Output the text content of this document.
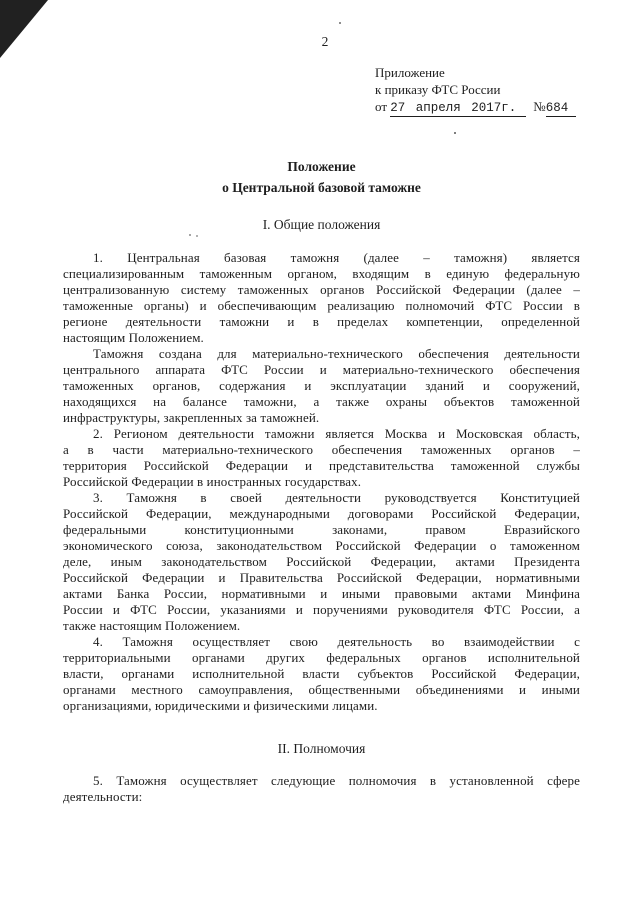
2
Приложение
к приказу ФТС России
от 27 апреля 2017г. №684
Положение
о Центральной базовой таможне
I. Общие положения
1. Центральная базовая таможня (далее – таможня) является
специализированным таможенным органом, входящим в единую федеральную
централизованную систему таможенных органов Российской Федерации (далее –
таможенные органы) и обеспечивающим реализацию полномочий ФТС России в
регионе деятельности таможни и в пределах компетенции, определенной
настоящим Положением.
Таможня создана для материально-технического обеспечения деятельности
центрального аппарата ФТС России и материально-технического обеспечения
таможенных органов, содержания и эксплуатации зданий и сооружений,
находящихся на балансе таможни, а также охраны объектов таможенной
инфраструктуры, закрепленных за таможней.
2. Регионом деятельности таможни является Москва и Московская область,
а в части материально-технического обеспечения таможенных органов –
территория Российской Федерации и представительства таможенной службы
Российской Федерации в иностранных государствах.
3. Таможня в своей деятельности руководствуется Конституцией
Российской Федерации, международными договорами Российской Федерации,
федеральными конституционными законами, правом Евразийского
экономического союза, законодательством Российской Федерации о таможенном
деле, иным законодательством Российской Федерации, актами Президента
Российской Федерации и Правительства Российской Федерации, нормативными
актами Банка России, нормативными и иными правовыми актами Минфина
России и ФТС России, указаниями и поручениями руководителя ФТС России, а
также настоящим Положением.
4. Таможня осуществляет свою деятельность во взаимодействии с
территориальными органами других федеральных органов исполнительной
власти, органами исполнительной власти субъектов Российской Федерации,
органами местного самоуправления, общественными объединениями и иными
организациями, юридическими и физическими лицами.
II. Полномочия
5. Таможня осуществляет следующие полномочия в установленной сфере
деятельности:
